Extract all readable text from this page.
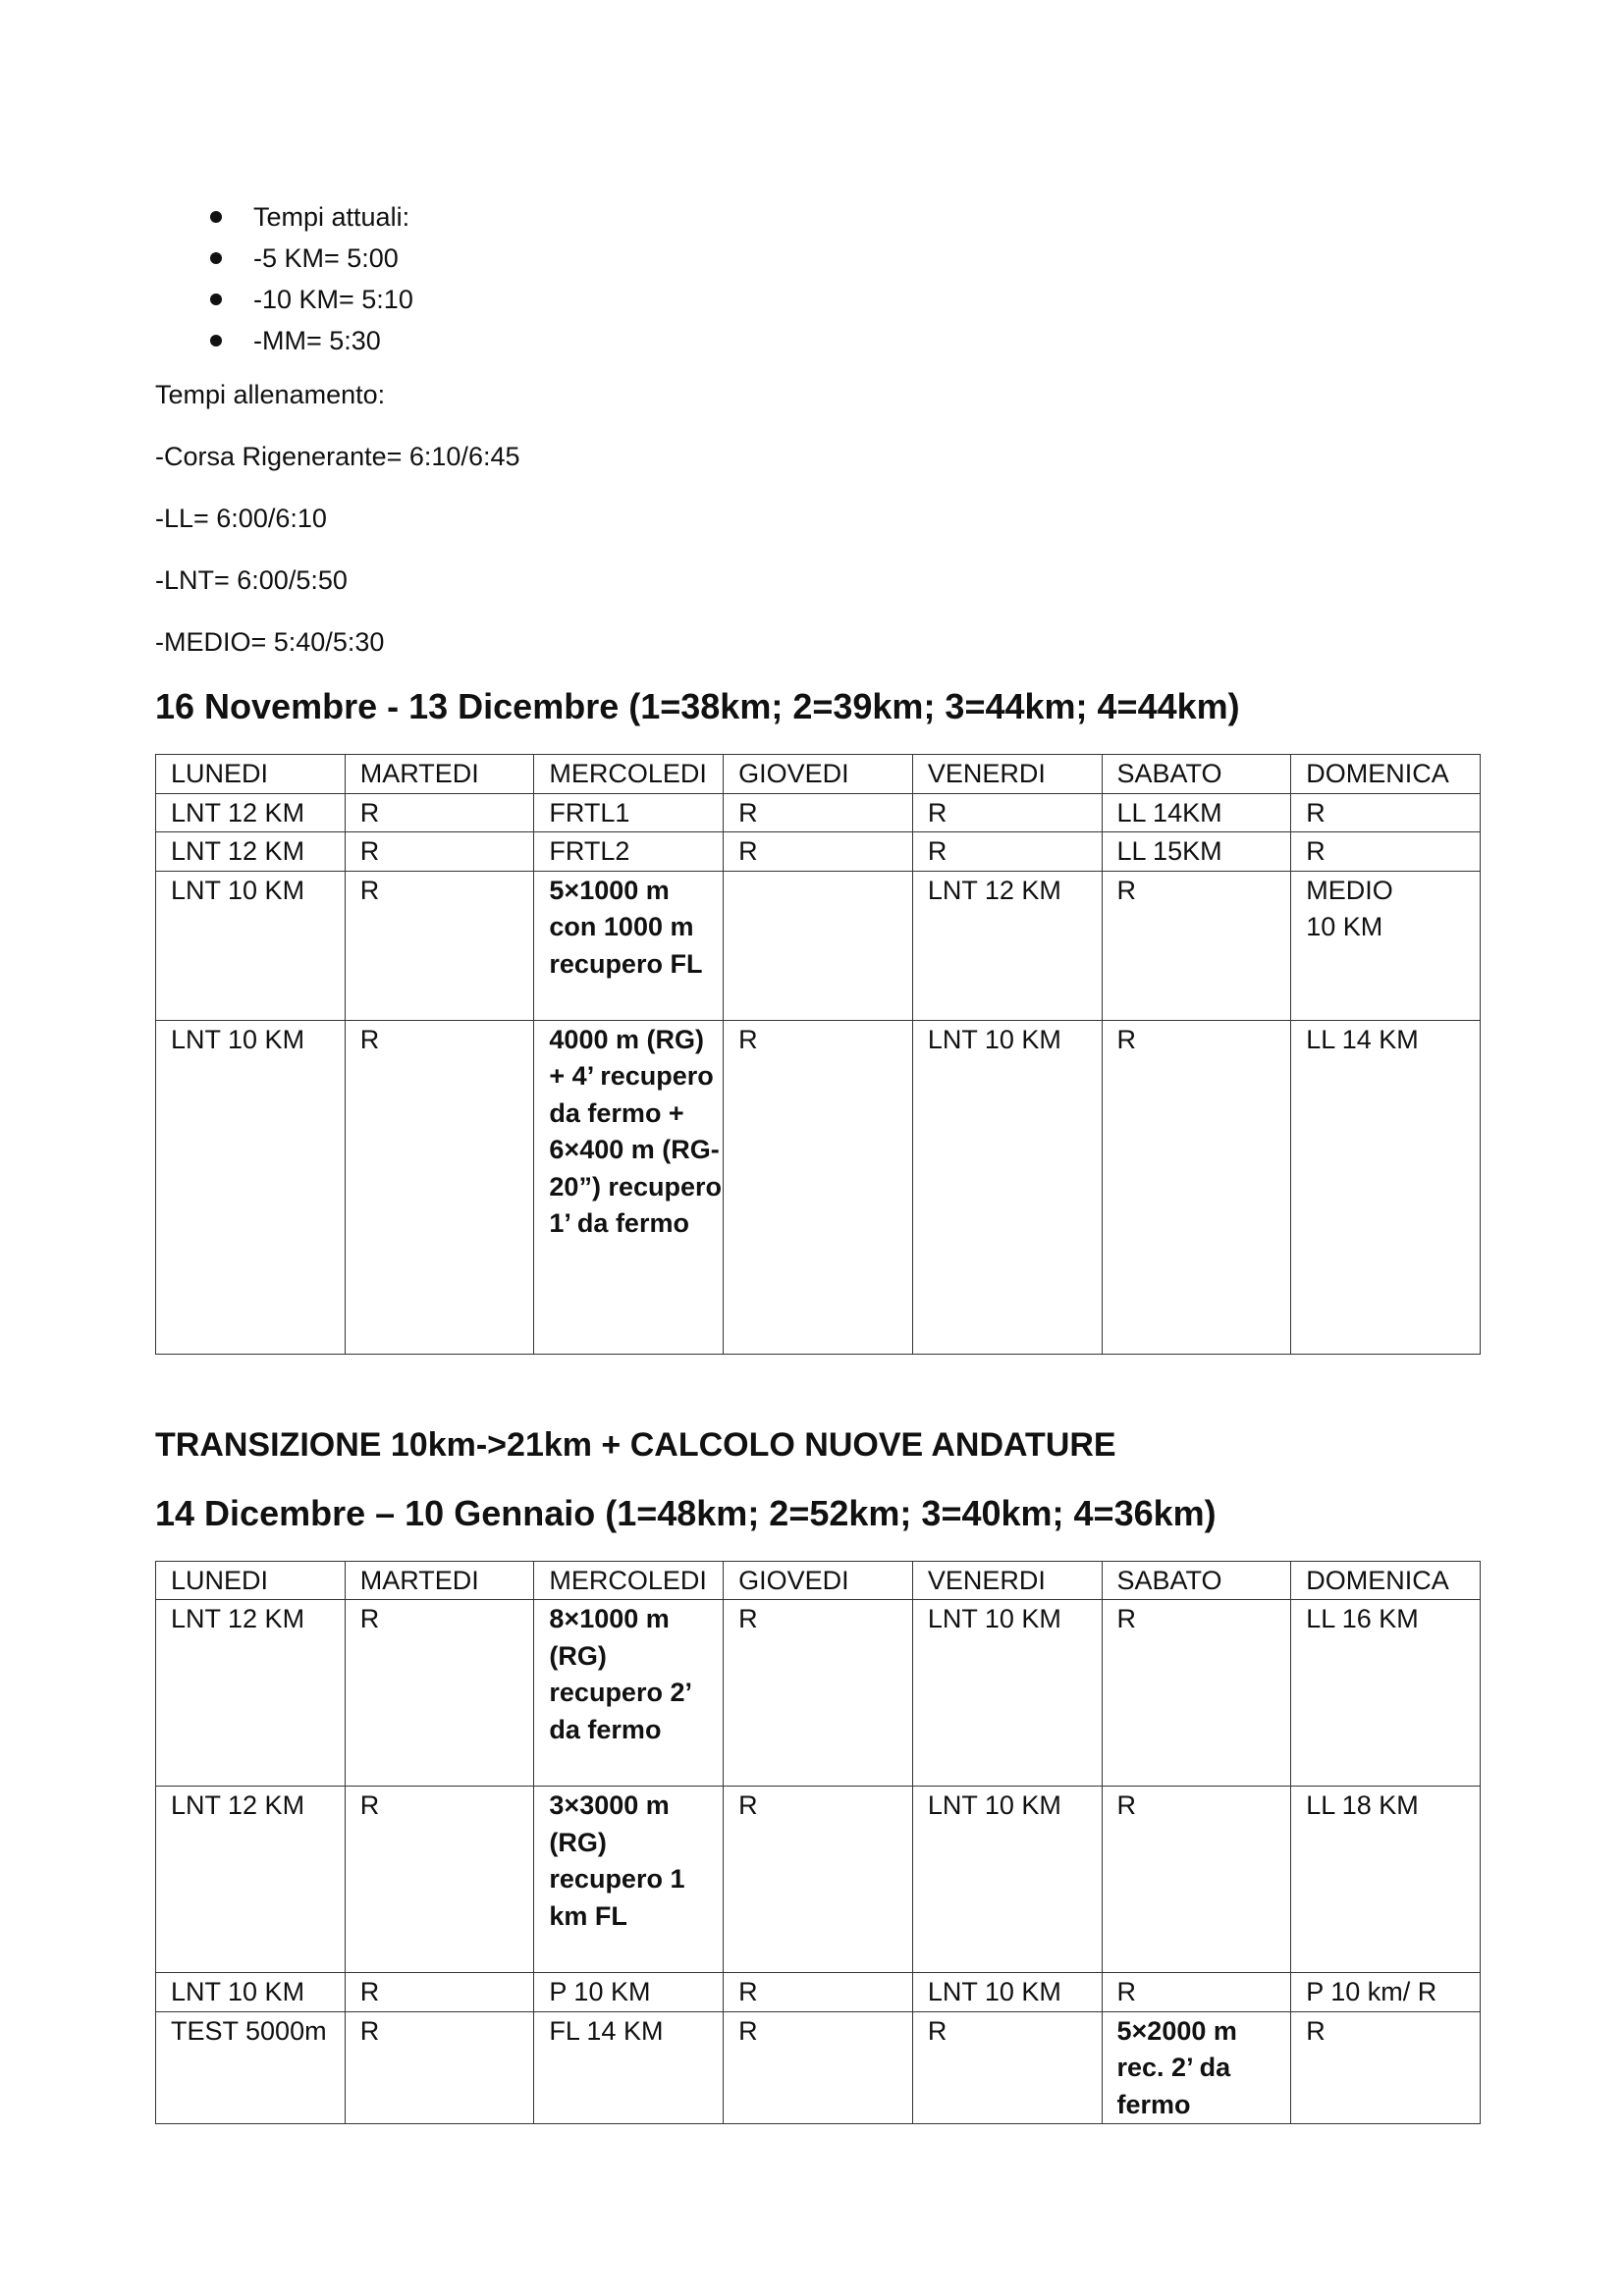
Tempi attuali:
-5 KM= 5:00
-10 KM= 5:10
-MM= 5:30

Tempi allenamento:

-Corsa Rigenerante= 6:10/6:45

-LL= 6:00/6:10

-LNT= 6:00/5:50

-MEDIO= 5:40/5:30

16 Novembre - 13 Dicembre (1=38km; 2=39km; 3=44km; 4=44km)
LUNEDI	MARTEDI	MERCOLEDI	GIOVEDI	VENERDI	SABATO	DOMENICA
LNT 12 KM	R	FRTL1	R	R	LL 14KM	R
LNT 12 KM	R	FRTL2	R	R	LL 15KM	R
LNT 10 KM	R	5×1000 m con 1000 m recupero FL		LNT 12 KM	R	MEDIO 10 KM
LNT 10 KM	R	4000 m (RG) + 4’ recupero da fermo + 6×400 m (RG-20”) recupero 1’ da fermo	R	LNT 10 KM	R	LL 14 KM
TRANSIZIONE 10km->21km + CALCOLO NUOVE ANDATURE
14 Dicembre – 10 Gennaio (1=48km; 2=52km; 3=40km; 4=36km)
LUNEDI	MARTEDI	MERCOLEDI	GIOVEDI	VENERDI	SABATO	DOMENICA
LNT 12 KM	R	8×1000 m (RG) recupero 2’ da fermo	R	LNT 10 KM	R	LL 16 KM
LNT 12 KM	R	3×3000 m (RG) recupero 1 km FL	R	LNT 10 KM	R	LL 18 KM
LNT 10 KM	R	P 10 KM	R	LNT 10 KM	R	P 10 km/ R
TEST 5000m	R	FL 14 KM	R	R	5×2000 m rec. 2’ da fermo	R
